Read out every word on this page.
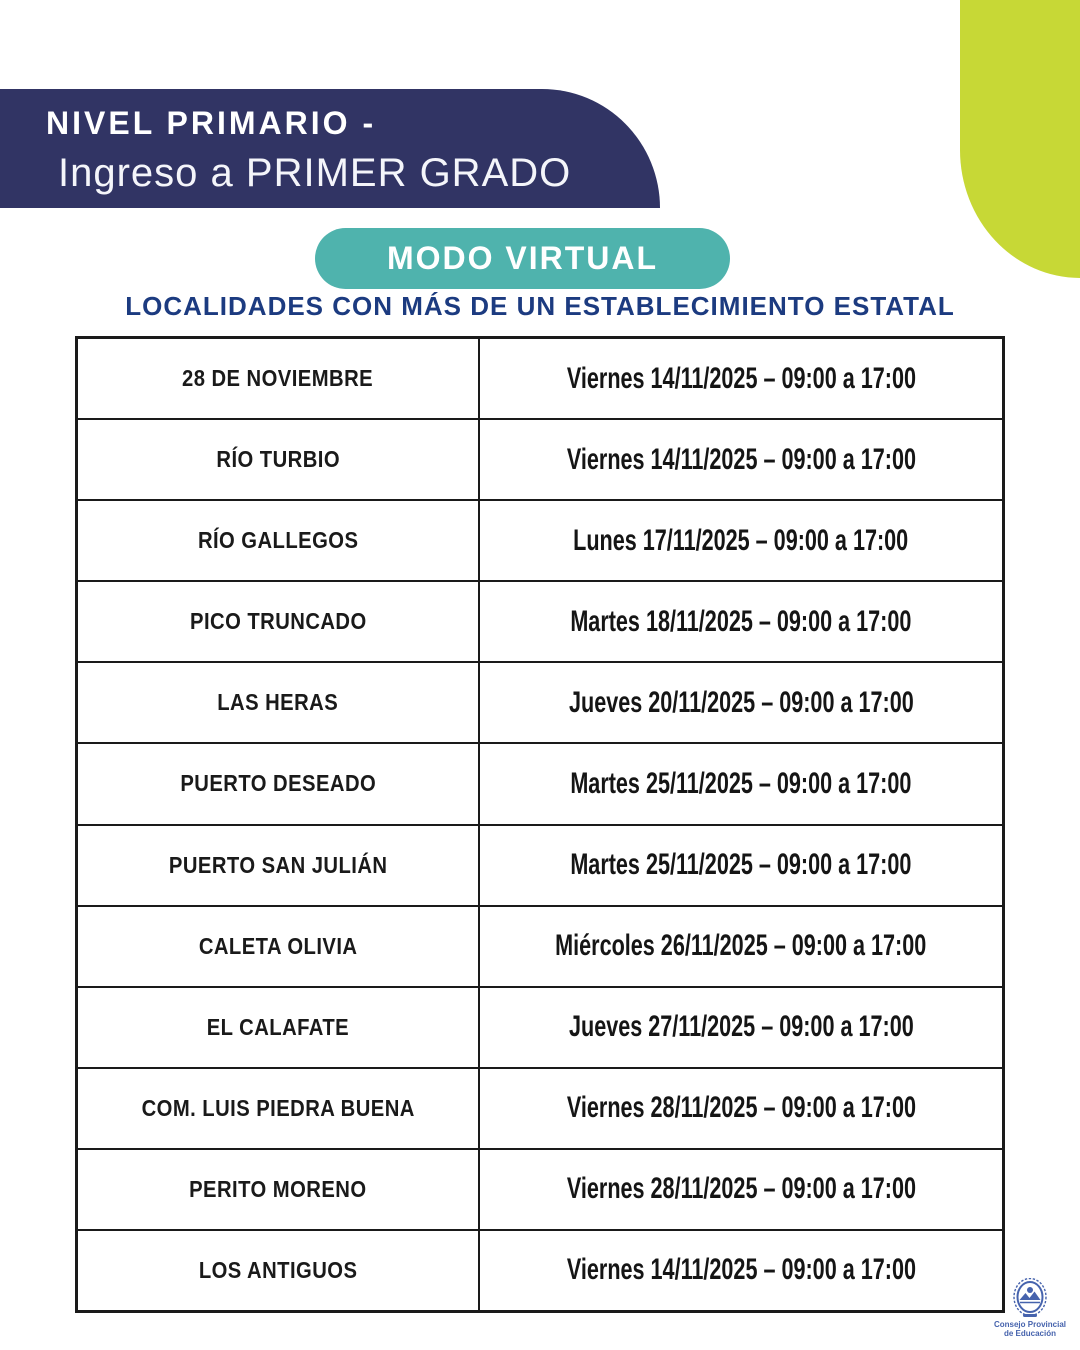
NIVEL PRIMARIO -
Ingreso a PRIMER GRADO
MODO VIRTUAL
LOCALIDADES CON MÁS DE UN ESTABLECIMIENTO ESTATAL
28 DE NOVIEMBRE	Viernes 14/11/2025 – 09:00 a 17:00
RÍO TURBIO	Viernes 14/11/2025 – 09:00 a 17:00
RÍO GALLEGOS	Lunes 17/11/2025 – 09:00 a 17:00
PICO TRUNCADO	Martes 18/11/2025 – 09:00 a 17:00
LAS HERAS	Jueves 20/11/2025 – 09:00 a 17:00
PUERTO DESEADO	Martes 25/11/2025 – 09:00 a 17:00
PUERTO SAN JULIÁN	Martes 25/11/2025 – 09:00 a 17:00
CALETA OLIVIA	Miércoles 26/11/2025 – 09:00 a 17:00
EL CALAFATE	Jueves 27/11/2025 – 09:00 a 17:00
COM. LUIS PIEDRA BUENA	Viernes 28/11/2025 – 09:00 a 17:00
PERITO MORENO	Viernes 28/11/2025 – 09:00 a 17:00
LOS ANTIGUOS	Viernes 14/11/2025 – 09:00 a 17:00
Consejo Provincial
de Educación
